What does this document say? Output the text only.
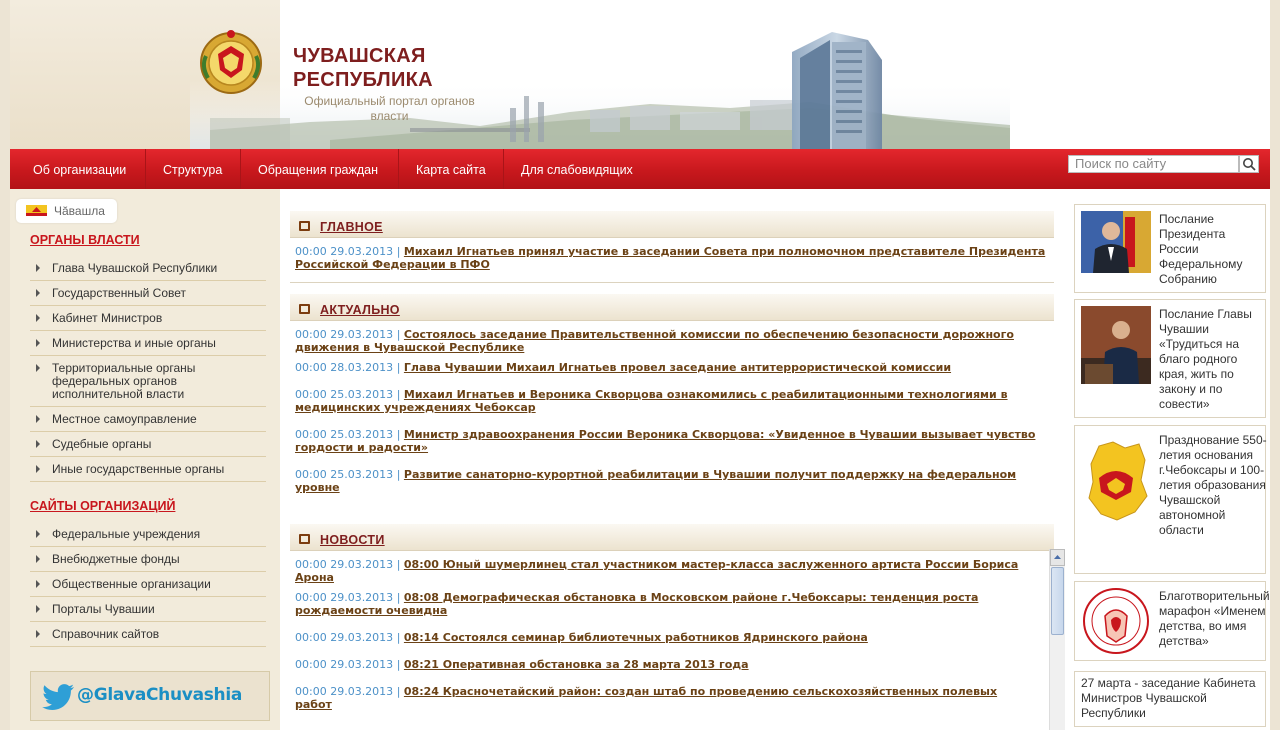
ЧУВАШСКАЯ
РЕСПУБЛИКА
Официальный портал органов власти
Об организации	Структура	Обращения граждан	Карта сайта	Для слабовидящих	Поиск по сайту
Чăвашла
ОРГАНЫ ВЛАСТИ
Глава Чувашской Республики
Государственный Совет
Кабинет Министров
Министерства и иные органы
Территориальные органы федеральных органов исполнительной власти
Местное самоуправление
Судебные органы
Иные государственные органы
САЙТЫ ОРГАНИЗАЦИЙ
Федеральные учреждения
Внебюджетные фонды
Общественные организации
Порталы Чувашии
Справочник сайтов
@GlavaChuvashia
ГЛАВНОЕ
00:00 29.03.2013 | Михаил Игнатьев принял участие в заседании Совета при полномочном представителе Президента Российской Федерации в ПФО
АКТУАЛЬНО
00:00 29.03.2013 | Состоялось заседание Правительственной комиссии по обеспечению безопасности дорожного движения в Чувашской Республике
00:00 28.03.2013 | Глава Чувашии Михаил Игнатьев провел заседание антитеррористической комиссии
00:00 25.03.2013 | Михаил Игнатьев и Вероника Скворцова ознакомились с реабилитационными технологиями в медицинских учреждениях Чебоксар
00:00 25.03.2013 | Министр здравоохранения России Вероника Скворцова: «Увиденное в Чувашии вызывает чувство гордости и радости»
00:00 25.03.2013 | Развитие санаторно-курортной реабилитации в Чувашии получит поддержку на федеральном уровне
НОВОСТИ
00:00 29.03.2013 | 08:00 Юный шумерлинец стал участником мастер-класса заслуженного артиста России Бориса Арона
00:00 29.03.2013 | 08:08 Демографическая обстановка в Московском районе г.Чебоксары: тенденция роста рождаемости очевидна
00:00 29.03.2013 | 08:14 Состоялся семинар библиотечных работников Ядринского района
00:00 29.03.2013 | 08:21 Оперативная обстановка за 28 марта 2013 года
00:00 29.03.2013 | 08:24 Красночетайский район: создан штаб по проведению сельскохозяйственных полевых работ
Послание Президента России Федеральному Собранию
Послание Главы Чувашии «Трудиться на благо родного края, жить по закону и по совести»
Празднование 550-летия основания г.Чебоксары и 100-летия образования Чувашской автономной области
Благотворительный марафон «Именем детства, во имя детства»
27 марта - заседание Кабинета Министров Чувашской Республики
